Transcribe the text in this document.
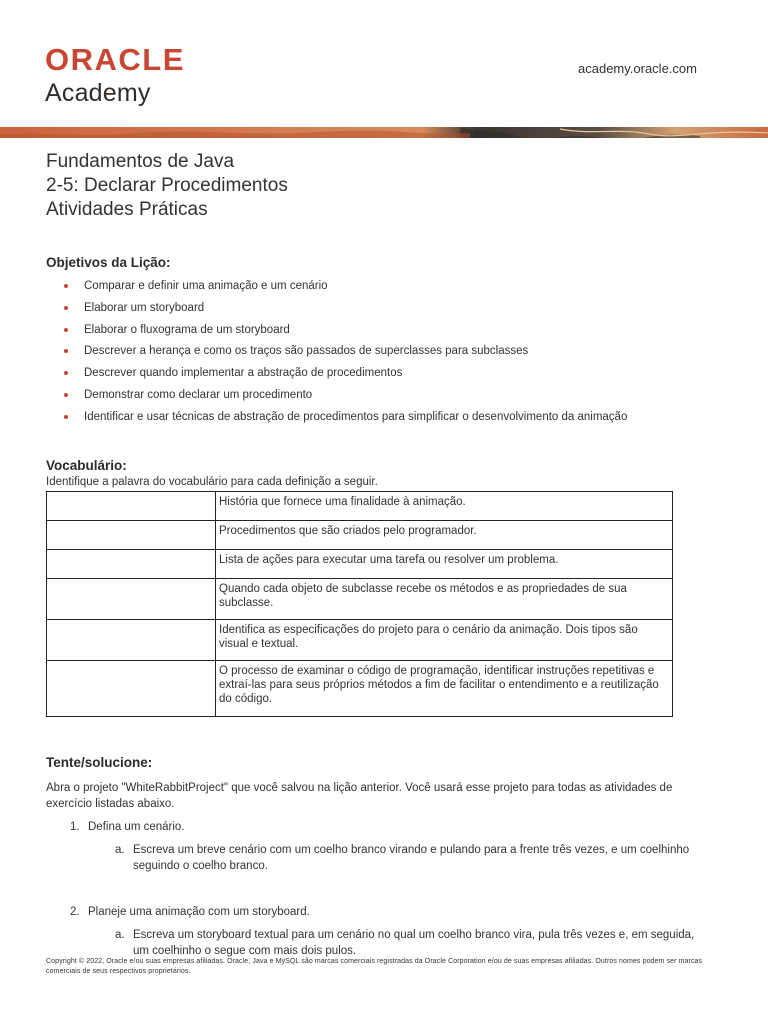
ORACLE
Academy
academy.oracle.com
Fundamentos de Java
2-5: Declarar Procedimentos
Atividades Práticas
Objetivos da Lição:
Comparar e definir uma animação e um cenário
Elaborar um storyboard
Elaborar o fluxograma de um storyboard
Descrever a herança e como os traços são passados de superclasses para subclasses
Descrever quando implementar a abstração de procedimentos
Demonstrar como declarar um procedimento
Identificar e usar técnicas de abstração de procedimentos para simplificar o desenvolvimento da animação
Vocabulário:
Identifique a palavra do vocabulário para cada definição a seguir.
	História que fornece uma finalidade à animação.
	Procedimentos que são criados pelo programador.
	Lista de ações para executar uma tarefa ou resolver um problema.
	Quando cada objeto de subclasse recebe os métodos e as propriedades de sua subclasse.
	Identifica as especificações do projeto para o cenário da animação. Dois tipos são visual e textual.
	O processo de examinar o código de programação, identificar instruções repetitivas e extraí-las para seus próprios métodos a fim de facilitar o entendimento e a reutilização do código.
Tente/solucione:
Abra o projeto "WhiteRabbitProject" que você salvou na lição anterior. Você usará esse projeto para todas as atividades de exercício listadas abaixo.
1. Defina um cenário.
a. Escreva um breve cenário com um coelho branco virando e pulando para a frente três vezes, e um coelhinho seguindo o coelho branco.
2. Planeje uma animação com um storyboard.
a. Escreva um storyboard textual para um cenário no qual um coelho branco vira, pula três vezes e, em seguida, um coelhinho o segue com mais dois pulos.
Copyright © 2022, Oracle e/ou suas empresas afiliadas. Oracle, Java e MySQL são marcas comerciais registradas da Oracle Corporation e/ou de suas empresas afiliadas. Outros nomes podem ser marcas comerciais de seus respectivos proprietários.
